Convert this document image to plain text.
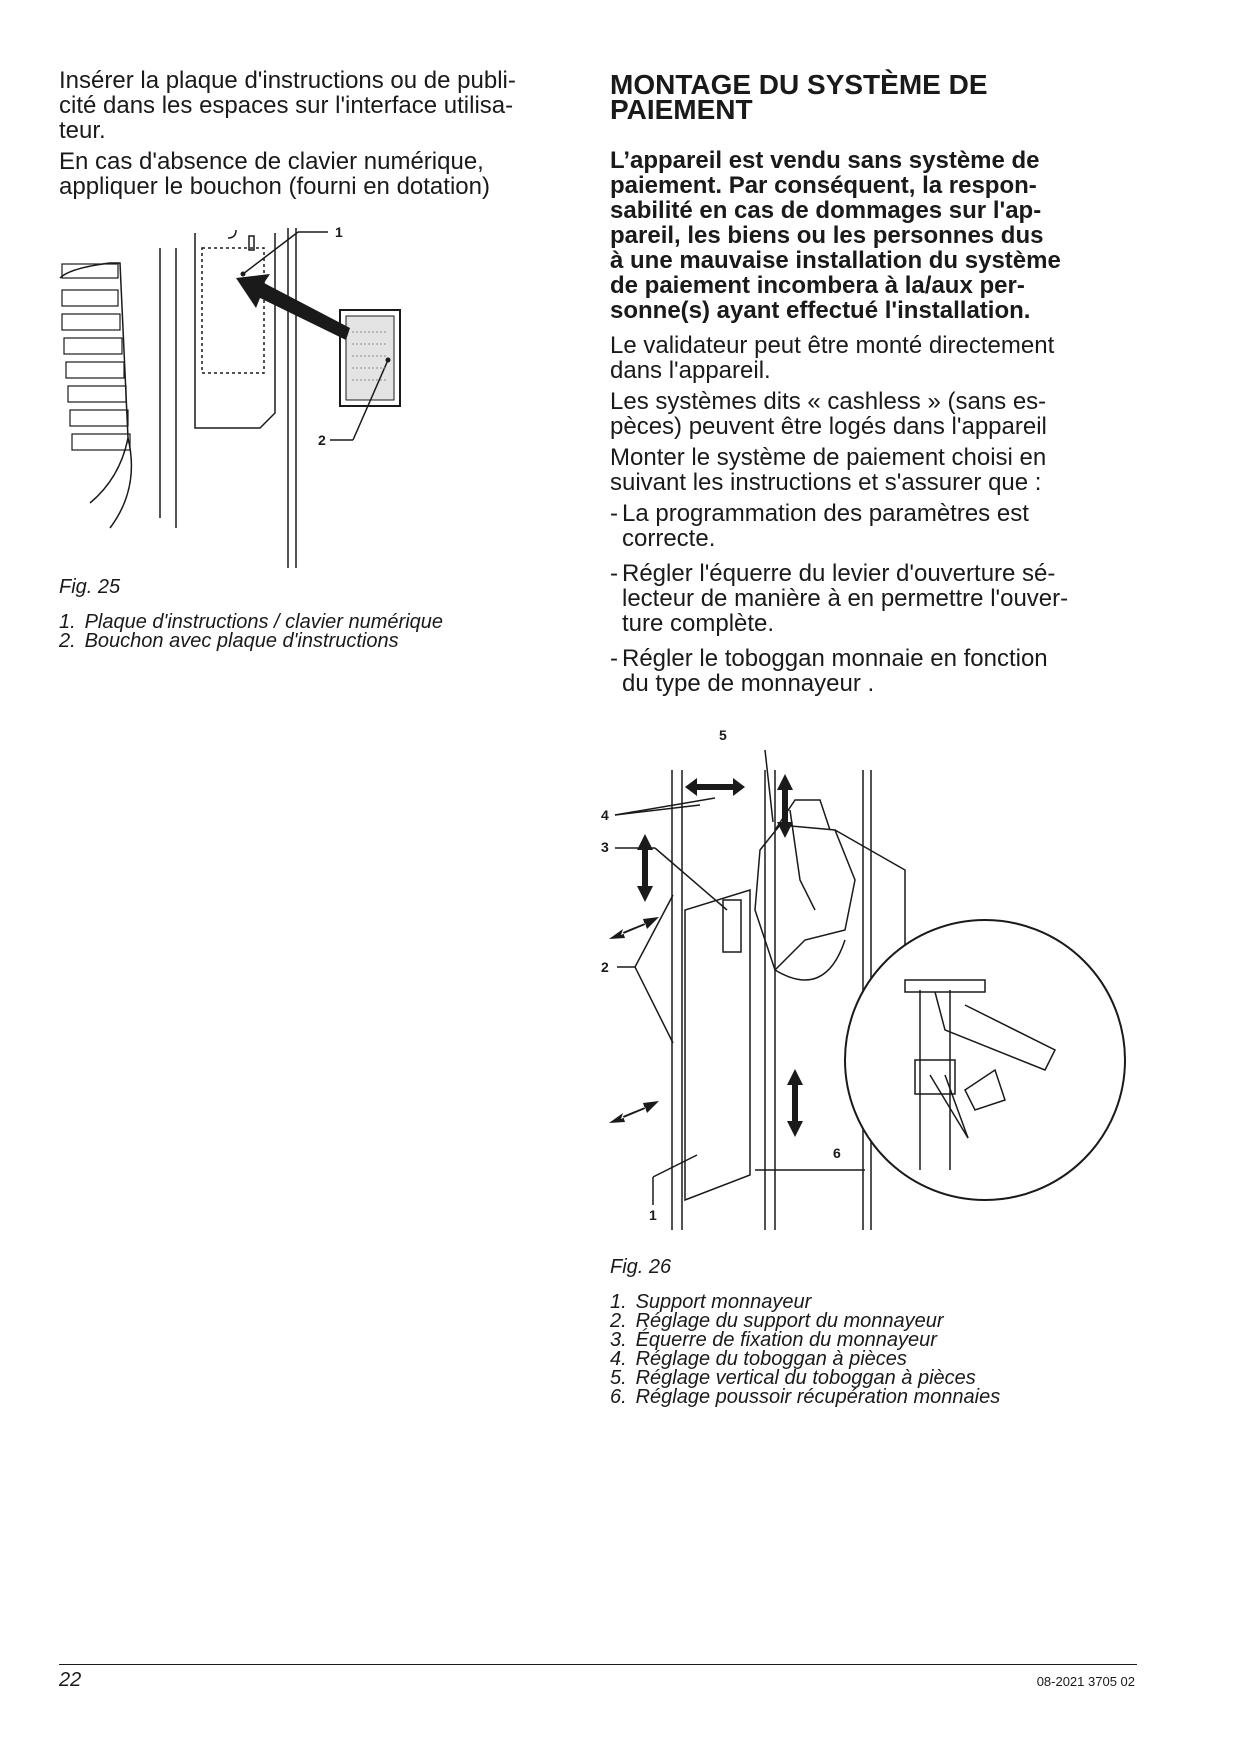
Insérer la plaque d'instructions ou de publi-
cité dans les espaces sur l'interface utilisa-
teur.

En cas d'absence de clavier numérique,
appliquer le bouchon (fourni en dotation)

1
2

Fig. 25

1. Plaque d'instructions / clavier numérique
2. Bouchon avec plaque d'instructions
MONTAGE DU SYSTÈME DE
PAIEMENT

L’appareil est vendu sans système de
paiement. Par conséquent, la respon-
sabilité en cas de dommages sur l'ap-
pareil, les biens ou les personnes dus
à une mauvaise installation du système
de paiement incombera à la/aux per-
sonne(s) ayant effectué l'installation.

Le validateur peut être monté directement
dans l'appareil.

Les systèmes dits « cashless » (sans es-
pèces) peuvent être logés dans l'appareil

Monter le système de paiement choisi en
suivant les instructions et s'assurer que :

- La programmation des paramètres est
correcte.
- Régler l'équerre du levier d'ouverture sé-
lecteur de manière à en permettre l'ouver-
ture complète.
- Régler le toboggan monnaie en fonction
du type de monnayeur .
5
4
3
2
6
1

Fig. 26

1. Support monnayeur
2. Réglage du support du monnayeur
3. Équerre de fixation du monnayeur
4. Réglage du toboggan à pièces
5. Réglage vertical du toboggan à pièces
6. Réglage poussoir récupération monnaies
22	08-2021 3705 02
